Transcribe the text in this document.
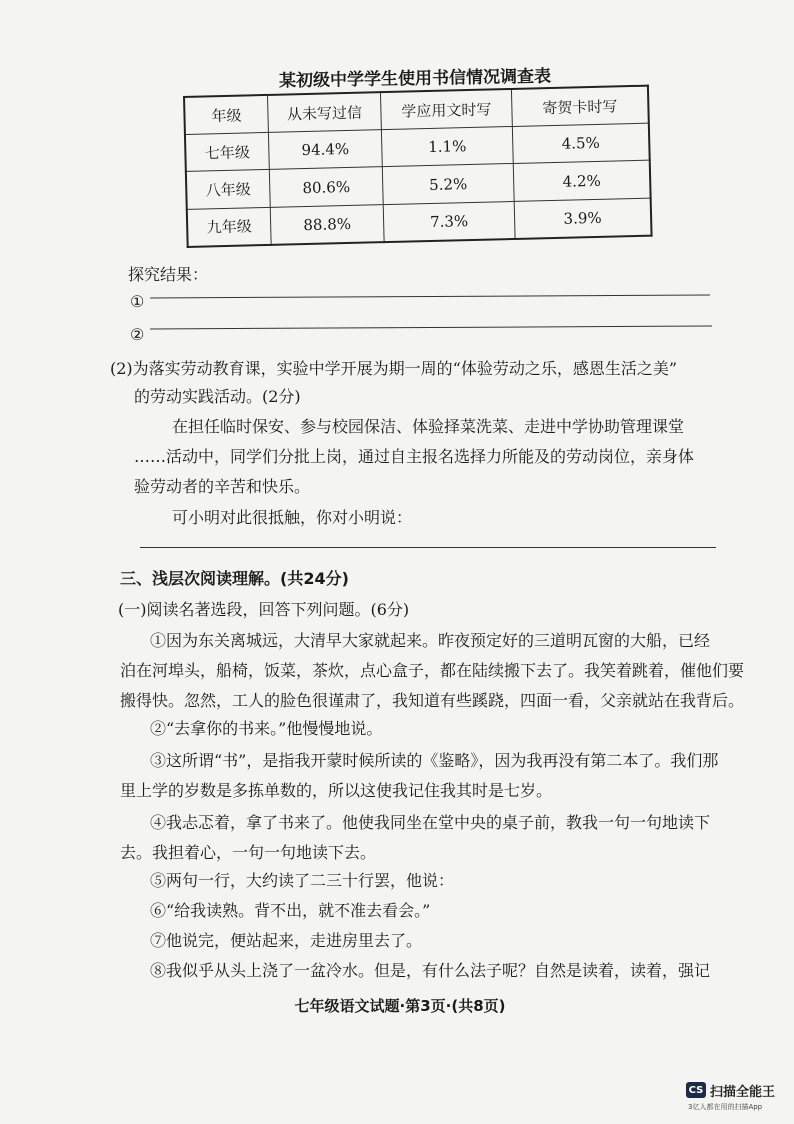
某初级中学学生使用书信情况调查表
年级	从未写过信	学应用文时写	寄贺卡时写
七年级	94.4%	1.1%	4.5%
八年级	80.6%	5.2%	4.2%
九年级	88.8%	7.3%	3.9%
探究结果：
①
②
(2)为落实劳动教育课，实验中学开展为期一周的“体验劳动之乐，感恩生活之美”
的劳动实践活动。(2分)
在担任临时保安、参与校园保洁、体验择菜洗菜、走进中学协助管理课堂
……活动中，同学们分批上岗，通过自主报名选择力所能及的劳动岗位，亲身体
验劳动者的辛苦和快乐。
可小明对此很抵触，你对小明说：
三、浅层次阅读理解。(共24分)
(一)阅读名著选段，回答下列问题。(6分)
①因为东关离城远，大清早大家就起来。昨夜预定好的三道明瓦窗的大船，已经
泊在河埠头，船椅，饭菜，茶炊，点心盒子，都在陆续搬下去了。我笑着跳着，催他们要
搬得快。忽然，工人的脸色很谨肃了，我知道有些蹊跷，四面一看，父亲就站在我背后。
②“去拿你的书来。”他慢慢地说。
③这所谓“书”，是指我开蒙时候所读的《鉴略》，因为我再没有第二本了。我们那
里上学的岁数是多拣单数的，所以这使我记住我其时是七岁。
④我忐忑着，拿了书来了。他使我同坐在堂中央的桌子前，教我一句一句地读下
去。我担着心，一句一句地读下去。
⑤两句一行，大约读了二三十行罢，他说：
⑥“给我读熟。背不出，就不准去看会。”
⑦他说完，便站起来，走进房里去了。
⑧我似乎从头上浇了一盆冷水。但是，有什么法子呢？自然是读着，读着，强记
七年级语文试题·第3页·(共8页)
CS 扫描全能王
3亿人都在用的扫描App
